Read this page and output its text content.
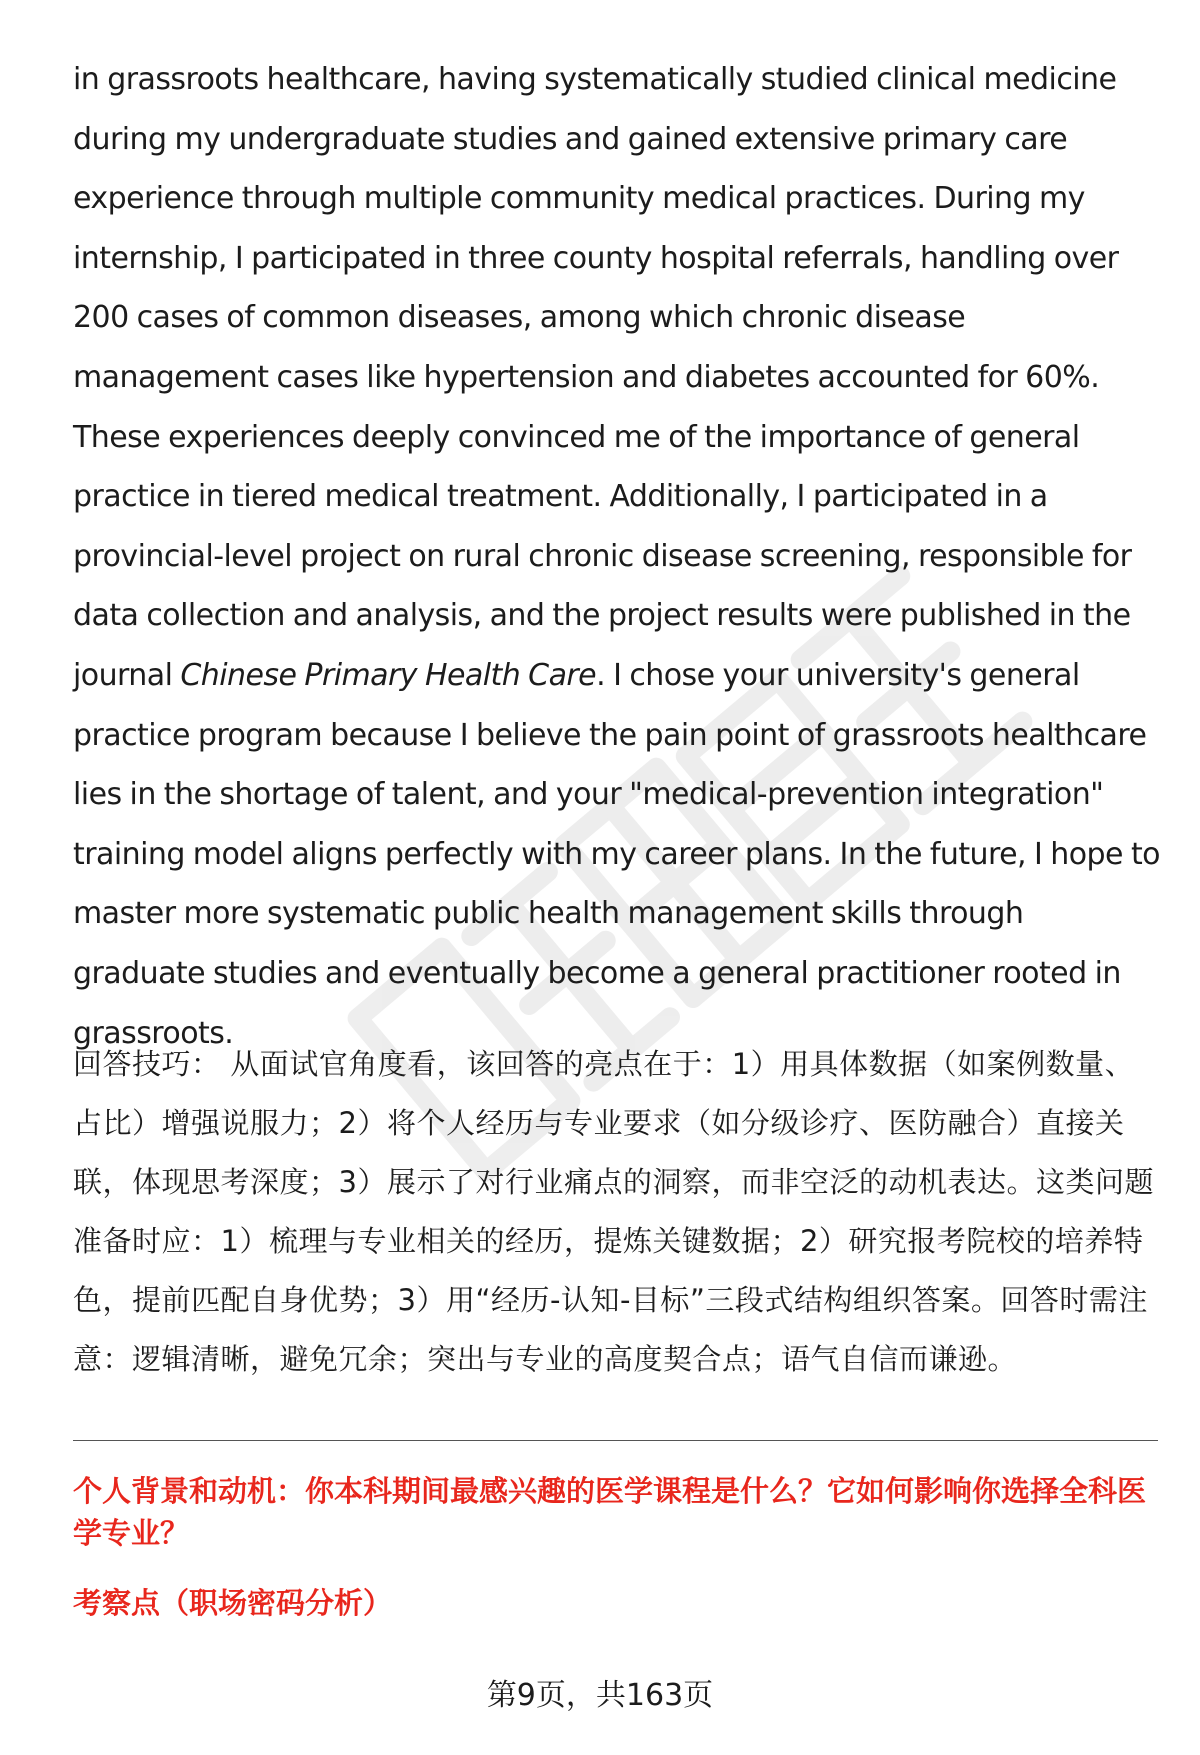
in grassroots healthcare, having systematically studied clinical medicine during my undergraduate studies and gained extensive primary care experience through multiple community medical practices. During my internship, I participated in three county hospital referrals, handling over 200 cases of common diseases, among which chronic disease management cases like hypertension and diabetes accounted for 60%. These experiences deeply convinced me of the importance of general practice in tiered medical treatment. Additionally, I participated in a provincial-level project on rural chronic disease screening, responsible for data collection and analysis, and the project results were published in the journal Chinese Primary Health Care. I chose your university's general practice program because I believe the pain point of grassroots healthcare lies in the shortage of talent, and your "medical-prevention integration" training model aligns perfectly with my career plans. In the future, I hope to master more systematic public health management skills through graduate studies and eventually become a general practitioner rooted in grassroots.

回答技巧： 从面试官角度看，该回答的亮点在于：1）用具体数据（如案例数量、占比）增强说服力；2）将个人经历与专业要求（如分级诊疗、医防融合）直接关联，体现思考深度；3）展示了对行业痛点的洞察，而非空泛的动机表达。这类问题准备时应：1）梳理与专业相关的经历，提炼关键数据；2）研究报考院校的培养特色，提前匹配自身优势；3）用“经历-认知-目标”三段式结构组织答案。回答时需注意：逻辑清晰，避免冗余；突出与专业的高度契合点；语气自信而谦逊。

个人背景和动机：你本科期间最感兴趣的医学课程是什么？它如何影响你选择全科医学专业？

考察点（职场密码分析）

第9页，共163页
